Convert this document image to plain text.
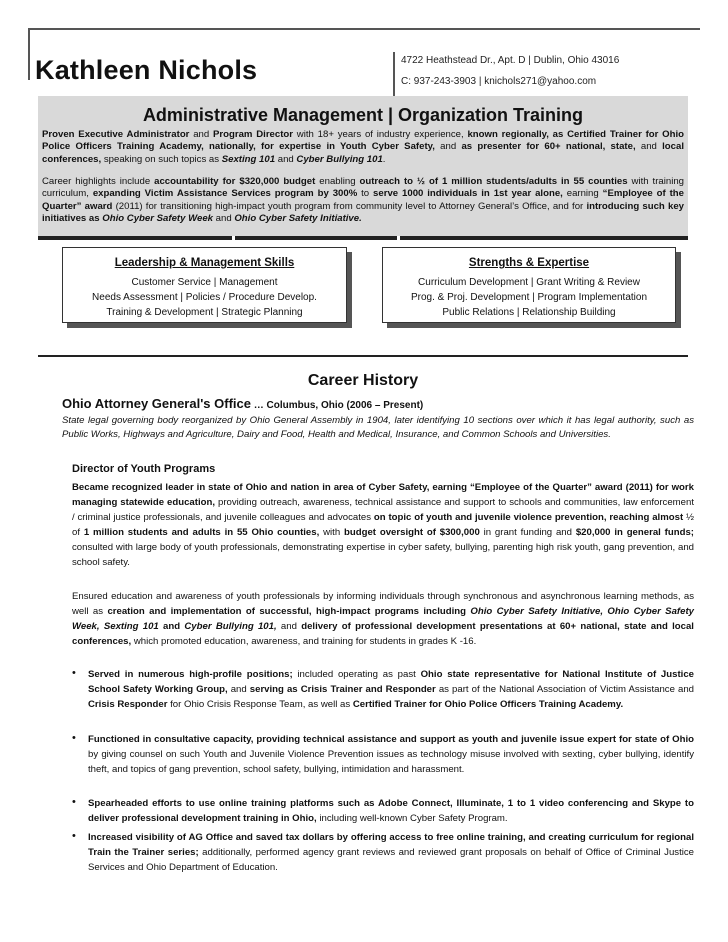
Kathleen Nichols	4722 Heathstead Dr., Apt. D | Dublin, Ohio 43016
C: 937-243-3903 | knichols271@yahoo.com
Administrative Management | Organization Training

Proven Executive Administrator and Program Director with 18+ years of industry experience, known regionally, as Certified Trainer for Ohio Police Officers Training Academy, nationally, for expertise in Youth Cyber Safety, and as presenter for 60+ national, state, and local conferences, speaking on such topics as Sexting 101 and Cyber Bullying 101.

Career highlights include accountability for $320,000 budget enabling outreach to ½ of 1 million students/adults in 55 counties with training curriculum, expanding Victim Assistance Services program by 300% to serve 1000 individuals in 1st year alone, earning “Employee of the Quarter” award (2011) for transitioning high-impact youth program from community level to Attorney General’s Office, and for introducing such key initiatives as Ohio Cyber Safety Week and Ohio Cyber Safety Initiative.

Leadership & Management Skills
Customer Service | Management
Needs Assessment | Policies / Procedure Develop.
Training & Development | Strategic Planning
Strengths & Expertise
Curriculum Development | Grant Writing & Review
Prog. & Proj. Development | Program Implementation
Public Relations | Relationship Building
Career History
Ohio Attorney General's Office … Columbus, Ohio (2006 – Present)
State legal governing body reorganized by Ohio General Assembly in 1904, later identifying 10 sections over which it has legal authority, such as Public Works, Highways and Agriculture, Dairy and Food, Health and Medical, Insurance, and Common Schools and Universities.
Director of Youth Programs
Became recognized leader in state of Ohio and nation in area of Cyber Safety, earning “Employee of the Quarter” award (2011) for work managing statewide education, providing outreach, awareness, technical assistance and support to schools and communities, law enforcement / criminal justice professionals, and juvenile colleagues and advocates on topic of youth and juvenile violence prevention, reaching almost ½ of 1 million students and adults in 55 Ohio counties, with budget oversight of $300,000 in grant funding and $20,000 in general funds; consulted with large body of youth professionals, demonstrating expertise in cyber safety, bullying, parenting high risk youth, gang prevention, and school safety.
Ensured education and awareness of youth professionals by informing individuals through synchronous and asynchronous learning methods, as well as creation and implementation of successful, high-impact programs including Ohio Cyber Safety Initiative, Ohio Cyber Safety Week, Sexting 101 and Cyber Bullying 101, and delivery of professional development presentations at 60+ national, state and local conferences, which promoted education, awareness, and training for students in grades K -16.
• Served in numerous high-profile positions; included operating as past Ohio state representative for National Institute of Justice School Safety Working Group, and serving as Crisis Trainer and Responder as part of the National Association of Victim Assistance and Crisis Responder for Ohio Crisis Response Team, as well as Certified Trainer for Ohio Police Officers Training Academy.
• Functioned in consultative capacity, providing technical assistance and support as youth and juvenile issue expert for state of Ohio by giving counsel on such Youth and Juvenile Violence Prevention issues as technology misuse involved with sexting, cyber bullying, identify theft, and topics of gang prevention, school safety, bullying, intimidation and harassment.
• Spearheaded efforts to use online training platforms such as Adobe Connect, Illuminate, 1 to 1 video conferencing and Skype to deliver professional development training in Ohio, including well-known Cyber Safety Program.
• Increased visibility of AG Office and saved tax dollars by offering access to free online training, and creating curriculum for regional Train the Trainer series; additionally, performed agency grant reviews and reviewed grant proposals on behalf of Office of Criminal Justice Services and Ohio Department of Education.
